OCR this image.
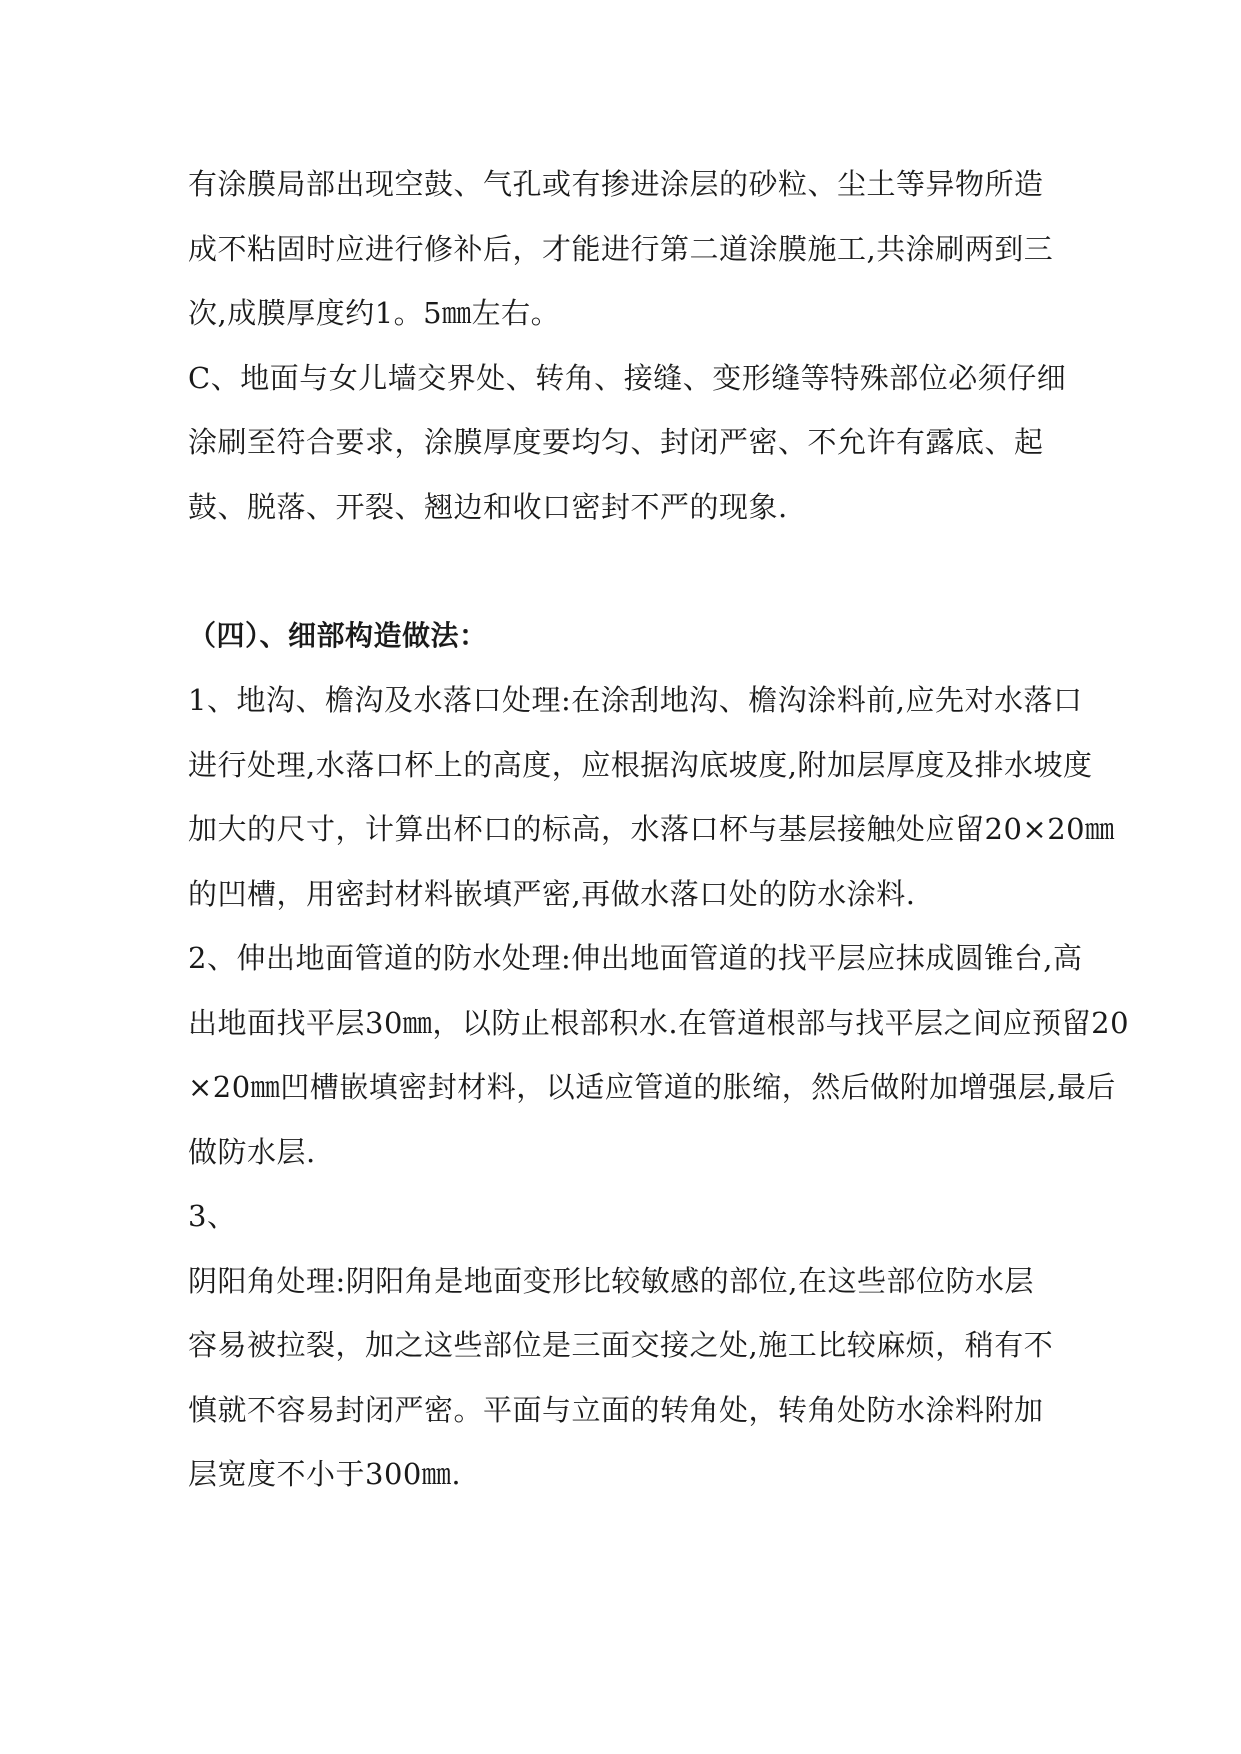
有涂膜局部出现空鼓、气孔或有掺进涂层的砂粒、尘土等异物所造
成不粘固时应进行修补后，才能进行第二道涂膜施工,共涂刷两到三
次,成膜厚度约1。5㎜左右。
C、地面与女儿墙交界处、转角、接缝、变形缝等特殊部位必须仔细
涂刷至符合要求，涂膜厚度要均匀、封闭严密、不允许有露底、起
鼓、脱落、开裂、翘边和收口密封不严的现象.
（四）、细部构造做法：
1、地沟、檐沟及水落口处理:在涂刮地沟、檐沟涂料前,应先对水落口
进行处理,水落口杯上的高度，应根据沟底坡度,附加层厚度及排水坡度
加大的尺寸，计算出杯口的标高，水落口杯与基层接触处应留20×20㎜
的凹槽，用密封材料嵌填严密,再做水落口处的防水涂料.
2、伸出地面管道的防水处理:伸出地面管道的找平层应抹成圆锥台,高
出地面找平层30㎜，以防止根部积水.在管道根部与找平层之间应预留20
×20㎜凹槽嵌填密封材料，以适应管道的胀缩，然后做附加增强层,最后
做防水层.
3、
阴阳角处理:阴阳角是地面变形比较敏感的部位,在这些部位防水层
容易被拉裂，加之这些部位是三面交接之处,施工比较麻烦，稍有不
慎就不容易封闭严密。平面与立面的转角处，转角处防水涂料附加
层宽度不小于300㎜.
